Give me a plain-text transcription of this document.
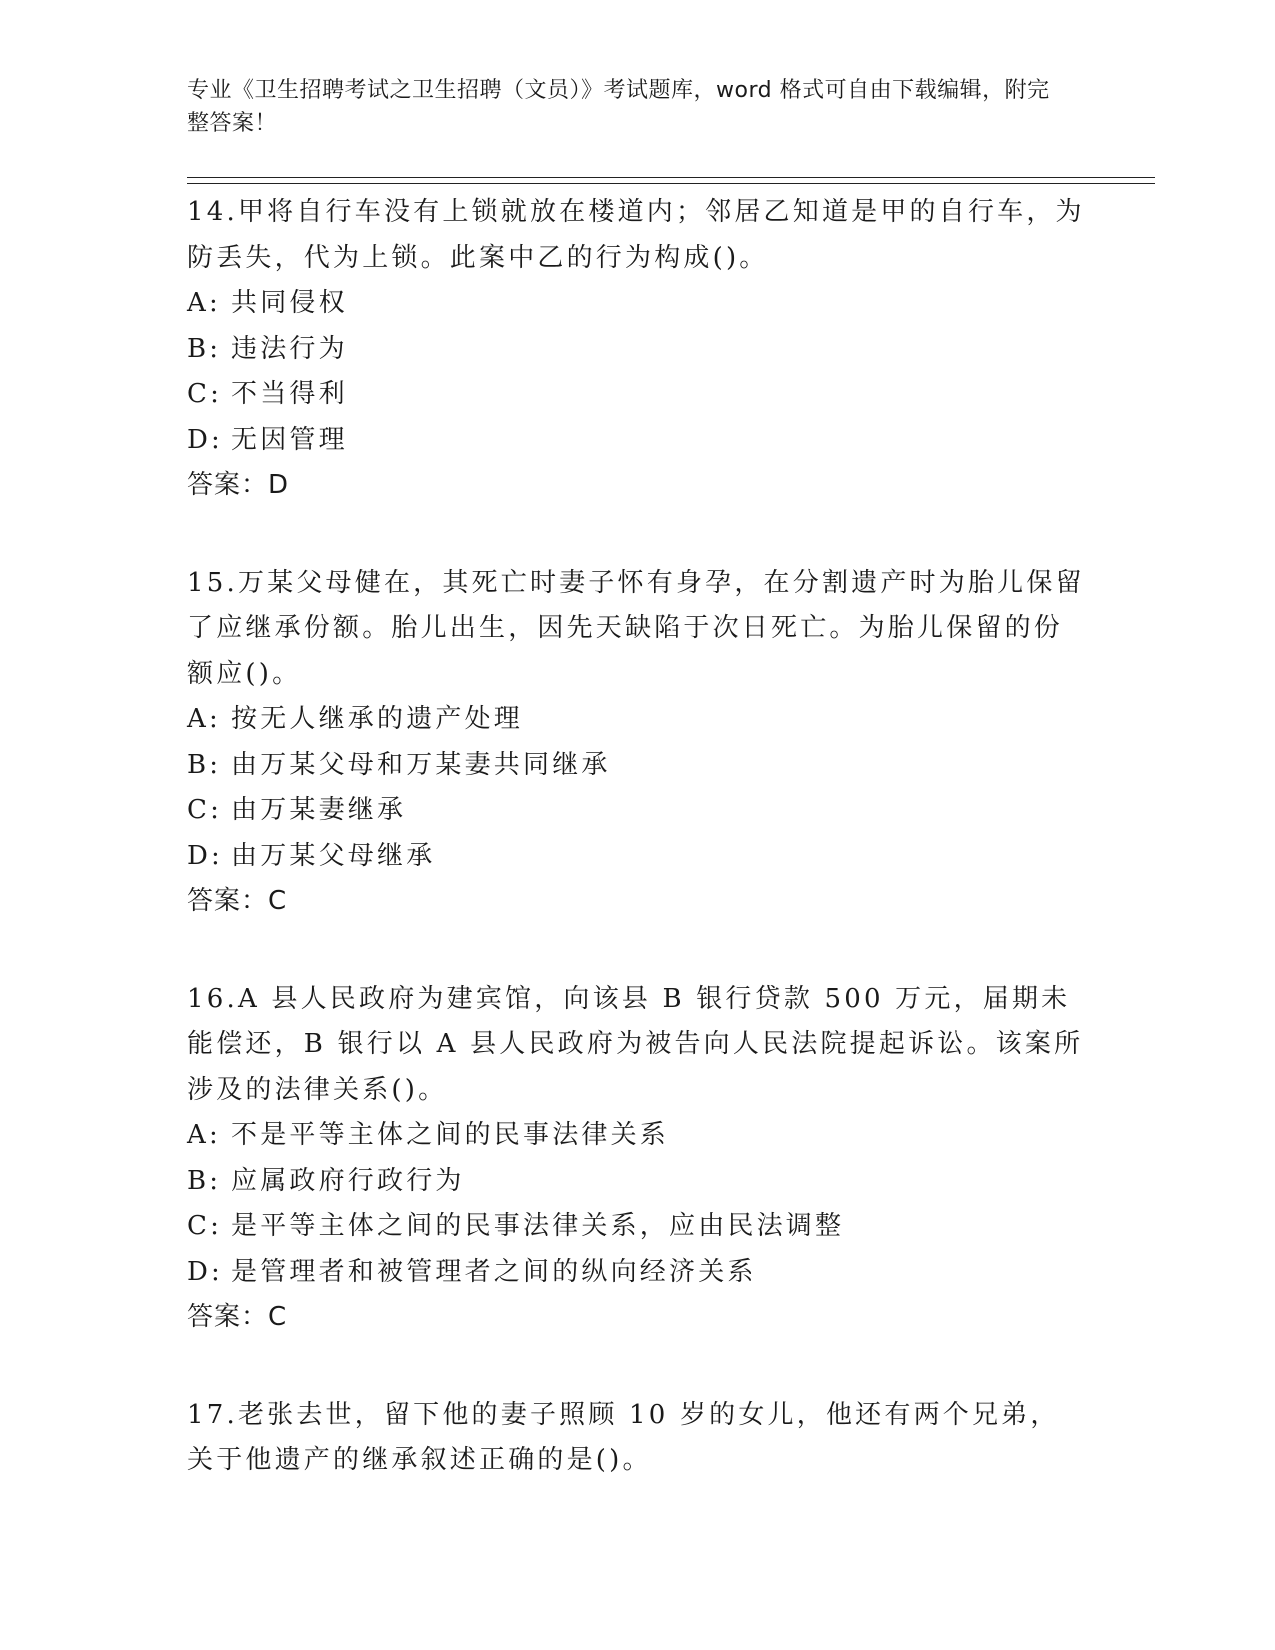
专业《卫生招聘考试之卫生招聘（文员）》考试题库，word 格式可自由下载编辑，附完整答案！

14.甲将自行车没有上锁就放在楼道内；邻居乙知道是甲的自行车，为防丢失，代为上锁。此案中乙的行为构成()。

A: 共同侵权

B: 违法行为

C: 不当得利

D: 无因管理

答案：D

15.万某父母健在，其死亡时妻子怀有身孕，在分割遗产时为胎儿保留了应继承份额。胎儿出生，因先天缺陷于次日死亡。为胎儿保留的份额应()。

A: 按无人继承的遗产处理

B: 由万某父母和万某妻共同继承

C: 由万某妻继承

D: 由万某父母继承

答案：C

16.A 县人民政府为建宾馆，向该县 B 银行贷款 500 万元，届期未能偿还，B 银行以 A 县人民政府为被告向人民法院提起诉讼。该案所涉及的法律关系()。

A: 不是平等主体之间的民事法律关系

B: 应属政府行政行为

C: 是平等主体之间的民事法律关系，应由民法调整

D: 是管理者和被管理者之间的纵向经济关系

答案：C

17.老张去世，留下他的妻子照顾 10 岁的女儿，他还有两个兄弟，关于他遗产的继承叙述正确的是()。
